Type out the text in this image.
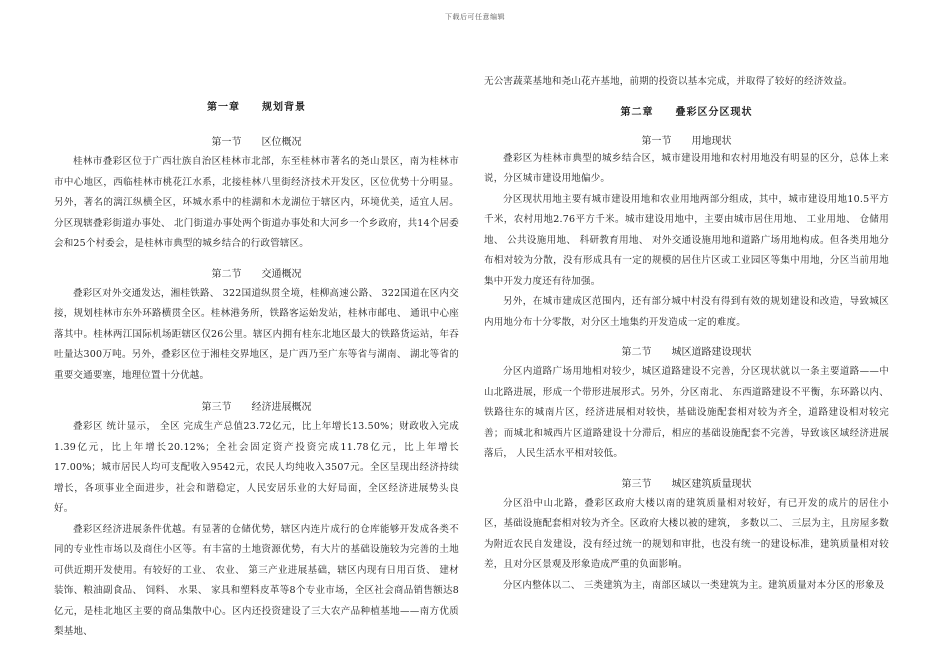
下载后可任意编辑
第一章　　规划背景
第一节　　区位概况

桂林市叠彩区位于广西壮族自治区桂林市北部，东至桂林市著名的尧山景区，南为桂林市市中心地区，西临桂林市桃花江水系，北接桂林八里街经济技术开发区，区位优势十分明显。另外，著名的漓江纵横全区，环城水系中的桂湖和木龙湖位于辖区内，环境优美，适宜人居。分区现辖叠彩街道办事处、 北门街道办事处两个街道办事处和大河乡一个乡政府，共14个居委会和25个村委会，是桂林市典型的城乡结合的行政管辖区。

第二节　　交通概况

叠彩区对外交通发达，湘桂铁路、 322国道纵贯全境，桂柳高速公路、 322国道在区内交接，规划桂林市东外环路横贯全区。桂林港务所，铁路客运始发站，桂林市邮电、 通讯中心座落其中。桂林两江国际机场距辖区仅26公里。辖区内拥有桂东北地区最大的铁路货运站，年吞吐量达300万吨。另外，叠彩区位于湘桂交界地区，是广西乃至广东等省与湖南、 湖北等省的重要交通要塞，地理位置十分优越。

第三节　　经济进展概况

叠彩区 统计显示， 全区 完成生产总值23.72亿元，比上年增长13.50%；财政收入完成1.39亿元，比上年增长20.12%；全社会固定资产投资完成11.78亿元，比上年增长17.00%；城市居民人均可支配收入9542元，农民人均纯收入3507元。全区呈现出经济持续增长，各项事业全面进步，社会和谐稳定，人民安居乐业的大好局面，全区经济进展势头良好。

叠彩区经济进展条件优越。有显著的仓储优势，辖区内连片成行的仓库能够开发成各类不同的专业性市场以及商住小区等。有丰富的土地资源优势，有大片的基础设施较为完善的土地可供近期开发使用。有较好的工业、 农业、 第三产业进展基础，辖区内现有日用百货、 建材装饰、粮油副食品、 饲料、 水果、 家具和塑料皮革等8个专业市场，全区社会商品销售额达8亿元，是桂北地区主要的商品集散中心。区内还投资建设了三大农产品种植基地——南方优质梨基地、

无公害蔬菜基地和尧山花卉基地，前期的投资以基本完成，并取得了较好的经济效益。

第二章　　叠彩区分区现状
第一节　　用地现状

叠彩区为桂林市典型的城乡结合区，城市建设用地和农村用地没有明显的区分，总体上来说，分区城市建设用地偏少。

分区现状用地主要有城市建设用地和农业用地两部分组成，其中，城市建设用地10.5平方千米，农村用地2.76平方千米。城市建设用地中，主要由城市居住用地、 工业用地、 仓储用地、 公共设施用地、 科研教育用地、 对外交通设施用地和道路广场用地构成。但各类用地分布相对较为分散，没有形成具有一定的规模的居住片区或工业园区等集中用地，分区当前用地集中开发力度还有待加强。

另外，在城市建成区范围内，还有部分城中村没有得到有效的规划建设和改造，导致城区内用地分布十分零散，对分区土地集约开发造成一定的难度。

第二节　　城区道路建设现状

分区内道路广场用地相对较少，城区道路建设不完善，分区现状就以一条主要道路——中山北路进展，形成一个带形进展形式。另外，分区南北、 东西道路建设不平衡，东环路以内、 铁路往东的城南片区，经济进展相对较快，基础设施配套相对较为齐全，道路建设相对较完善；而城北和城西片区道路建设十分滞后，相应的基础设施配套不完善，导致该区域经济进展落后， 人民生活水平相对较低。

第三节　　城区建筑质量现状

分区沿中山北路，叠彩区政府大楼以南的建筑质量相对较好，有已开发的成片的居住小区，基础设施配套相对较为齐全。区政府大楼以被的建筑， 多数以二、 三层为主，且房屋多数为附近农民自发建设，没有经过统一的规划和审批，也没有统一的建设标准，建筑质量相对较差，且对分区景观及形象造成严重的负面影响。

分区内整体以二、 三类建筑为主，南部区域以一类建筑为主。建筑质量对本分区的形象及
